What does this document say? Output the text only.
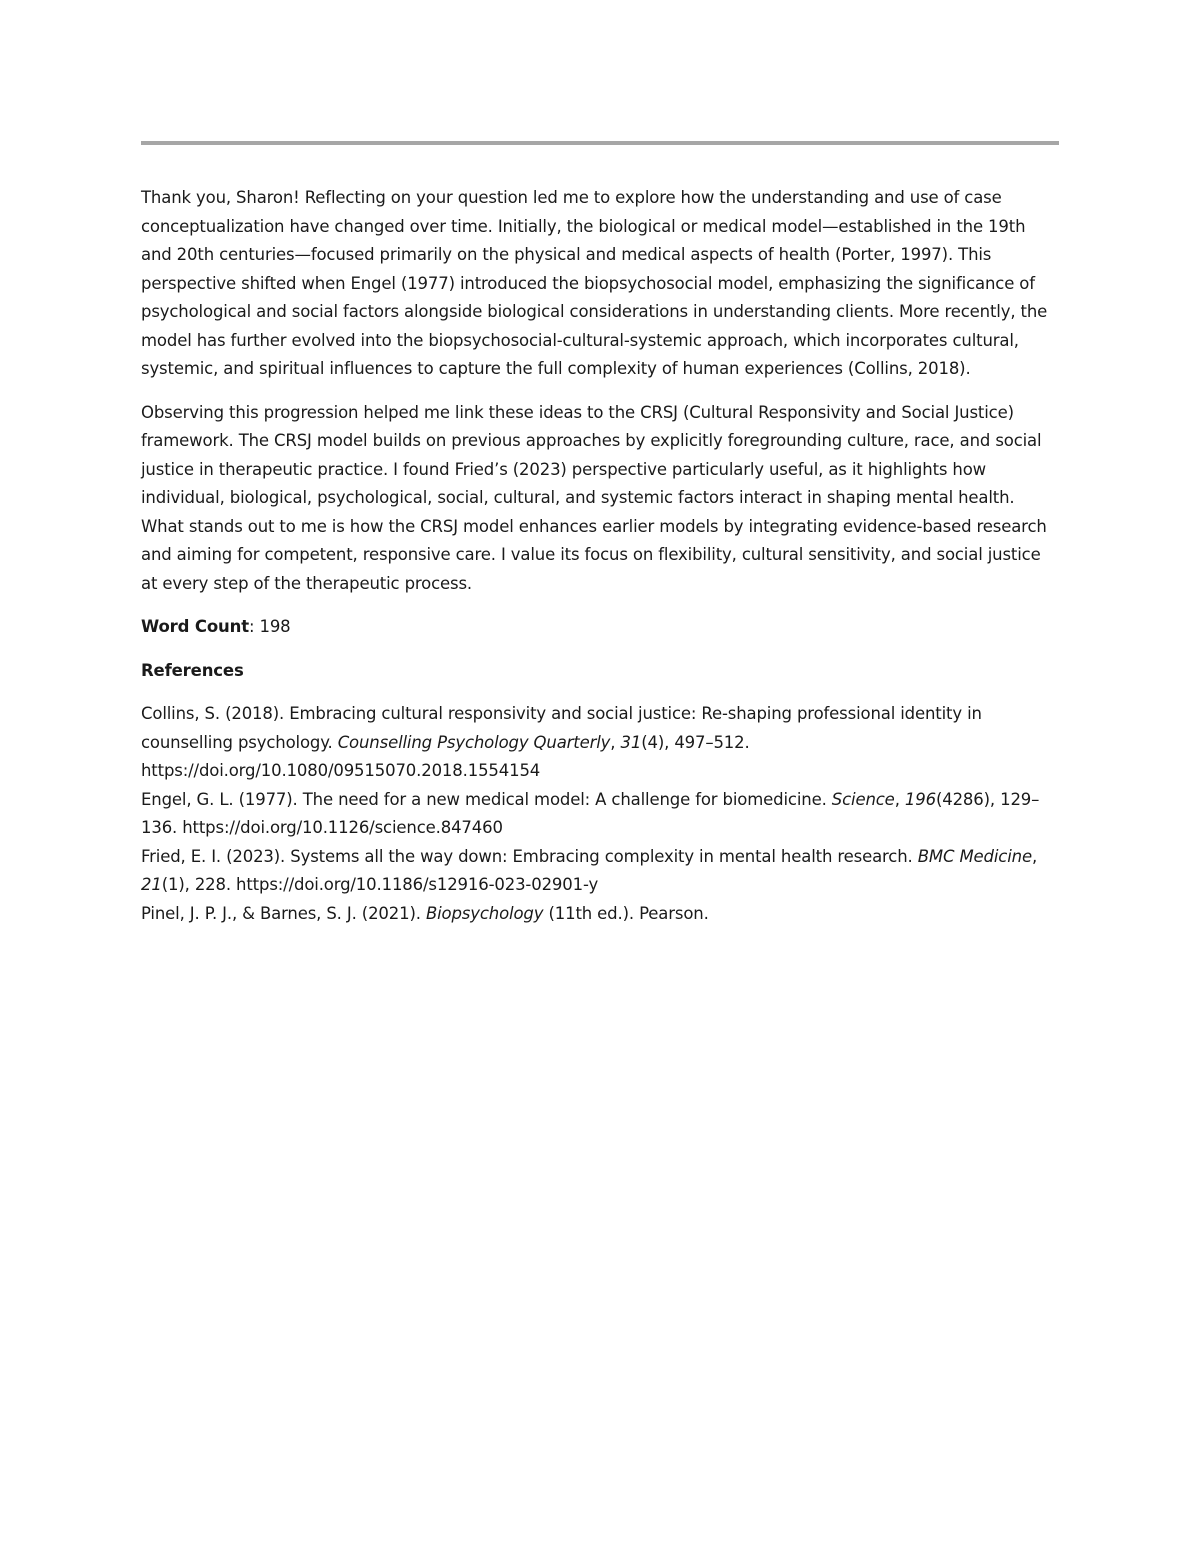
Thank you, Sharon! Reflecting on your question led me to explore how the understanding and use of case conceptualization have changed over time. Initially, the biological or medical model—established in the 19th and 20th centuries—focused primarily on the physical and medical aspects of health (Porter, 1997). This perspective shifted when Engel (1977) introduced the biopsychosocial model, emphasizing the significance of psychological and social factors alongside biological considerations in understanding clients. More recently, the model has further evolved into the biopsychosocial-cultural-systemic approach, which incorporates cultural, systemic, and spiritual influences to capture the full complexity of human experiences (Collins, 2018).

Observing this progression helped me link these ideas to the CRSJ (Cultural Responsivity and Social Justice) framework. The CRSJ model builds on previous approaches by explicitly foregrounding culture, race, and social justice in therapeutic practice. I found Fried’s (2023) perspective particularly useful, as it highlights how individual, biological, psychological, social, cultural, and systemic factors interact in shaping mental health. What stands out to me is how the CRSJ model enhances earlier models by integrating evidence-based research and aiming for competent, responsive care. I value its focus on flexibility, cultural sensitivity, and social justice at every step of the therapeutic process.

Word Count: 198

References

Collins, S. (2018). Embracing cultural responsivity and social justice: Re-shaping professional identity in counselling psychology. Counselling Psychology Quarterly, 31(4), 497–512. https://doi.org/10.1080/09515070.2018.1554154

Engel, G. L. (1977). The need for a new medical model: A challenge for biomedicine. Science, 196(4286), 129–136. https://doi.org/10.1126/science.847460

Fried, E. I. (2023). Systems all the way down: Embracing complexity in mental health research. BMC Medicine, 21(1), 228. https://doi.org/10.1186/s12916-023-02901-y

Pinel, J. P. J., & Barnes, S. J. (2021). Biopsychology (11th ed.). Pearson.
